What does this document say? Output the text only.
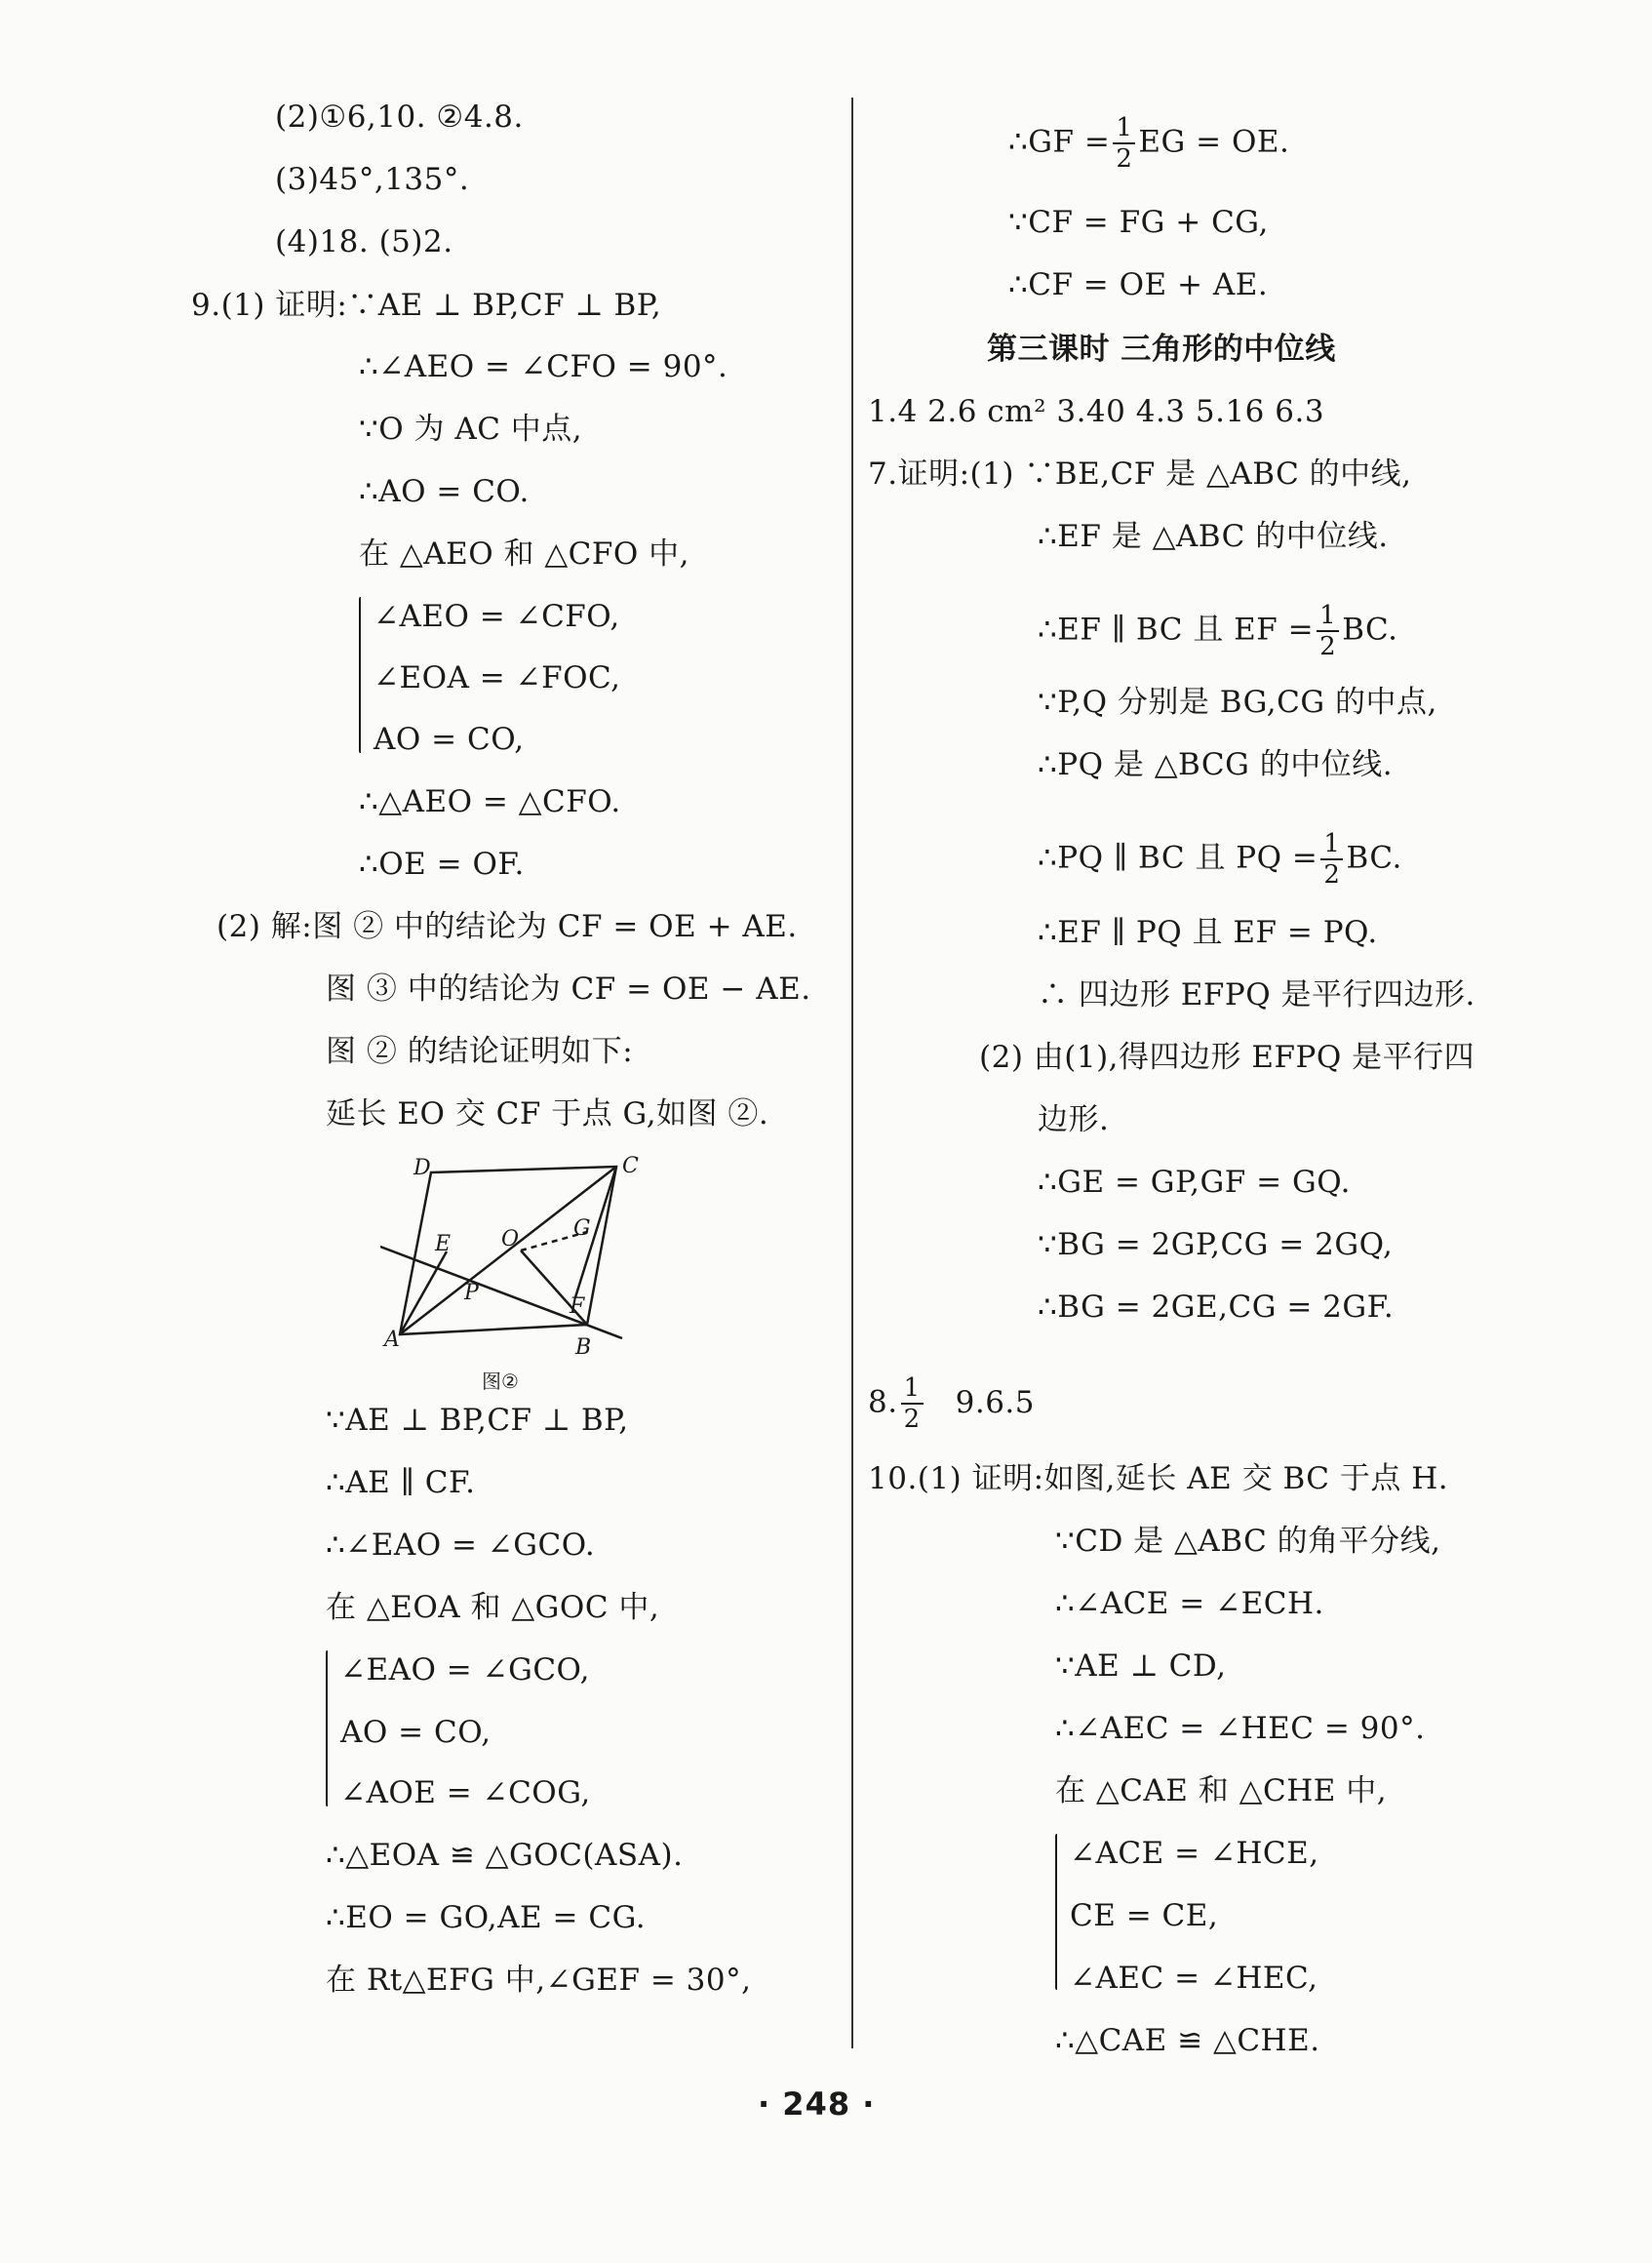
(2)①6,10. ②4.8.
(3)45°,135°.
(4)18. (5)2.
9.(1) 证明:∵AE ⊥ BP,CF ⊥ BP,
∴∠AEO = ∠CFO = 90°.
∵O 为 AC 中点,
∴AO = CO.
在 △AEO 和 △CFO 中,
∠AEO = ∠CFO,
∠EOA = ∠FOC,
AO = CO,
∴△AEO = △CFO.
∴OE = OF.
(2) 解:图 ② 中的结论为 CF = OE + AE.
图 ③ 中的结论为 CF = OE − AE.
图 ② 的结论证明如下:
延长 EO 交 CF 于点 G,如图 ②.
D	C
A	B
E O	G
P
F
图②
∵AE ⊥ BP,CF ⊥ BP,
∴AE ∥ CF.
∴∠EAO = ∠GCO.
在 △EOA 和 △GOC 中,
∠EAO = ∠GCO,
AO = CO,
∠AOE = ∠COG,
∴△EOA ≌ △GOC(ASA).
∴EO = GO,AE = CG.
在 Rt△EFG 中,∠GEF = 30°,
∴GF = $\frac{1}{2}$ EG = OE.
∵CF = FG + CG,
∴CF = OE + AE.
第三课时 三角形的中位线
1.4 2.6 cm² 3.40 4.3 5.16 6.3
7.证明:(1) ∵BE,CF 是 △ABC 的中线,
∴EF 是 △ABC 的中位线.
∴EF ∥ BC 且 EF = $\frac{1}{2}$ BC.
∵P,Q 分别是 BG,CG 的中点,
∴PQ 是 △BCG 的中位线.
∴PQ ∥ BC 且 PQ = $\frac{1}{2}$ BC.
∴EF ∥ PQ 且 EF = PQ.
∴ 四边形 EFPQ 是平行四边形.
(2) 由(1),得四边形 EFPQ 是平行四
边形.
∴GE = GP,GF = GQ.
∵BG = 2GP,CG = 2GQ,
∴BG = 2GE,CG = 2GF.
8. $\frac{1}{2} 9.6.5$
10.(1) 证明:如图,延长 AE 交 BC 于点 H.
∵CD 是 △ABC 的角平分线,
∴∠ACE = ∠ECH.
∵AE ⊥ CD,
∴∠AEC = ∠HEC = 90°.
在 △CAE 和 △CHE 中,
∠ACE = ∠HCE,
CE = CE,
∠AEC = ∠HEC,
∴△CAE ≌ △CHE.
· 248 ·
